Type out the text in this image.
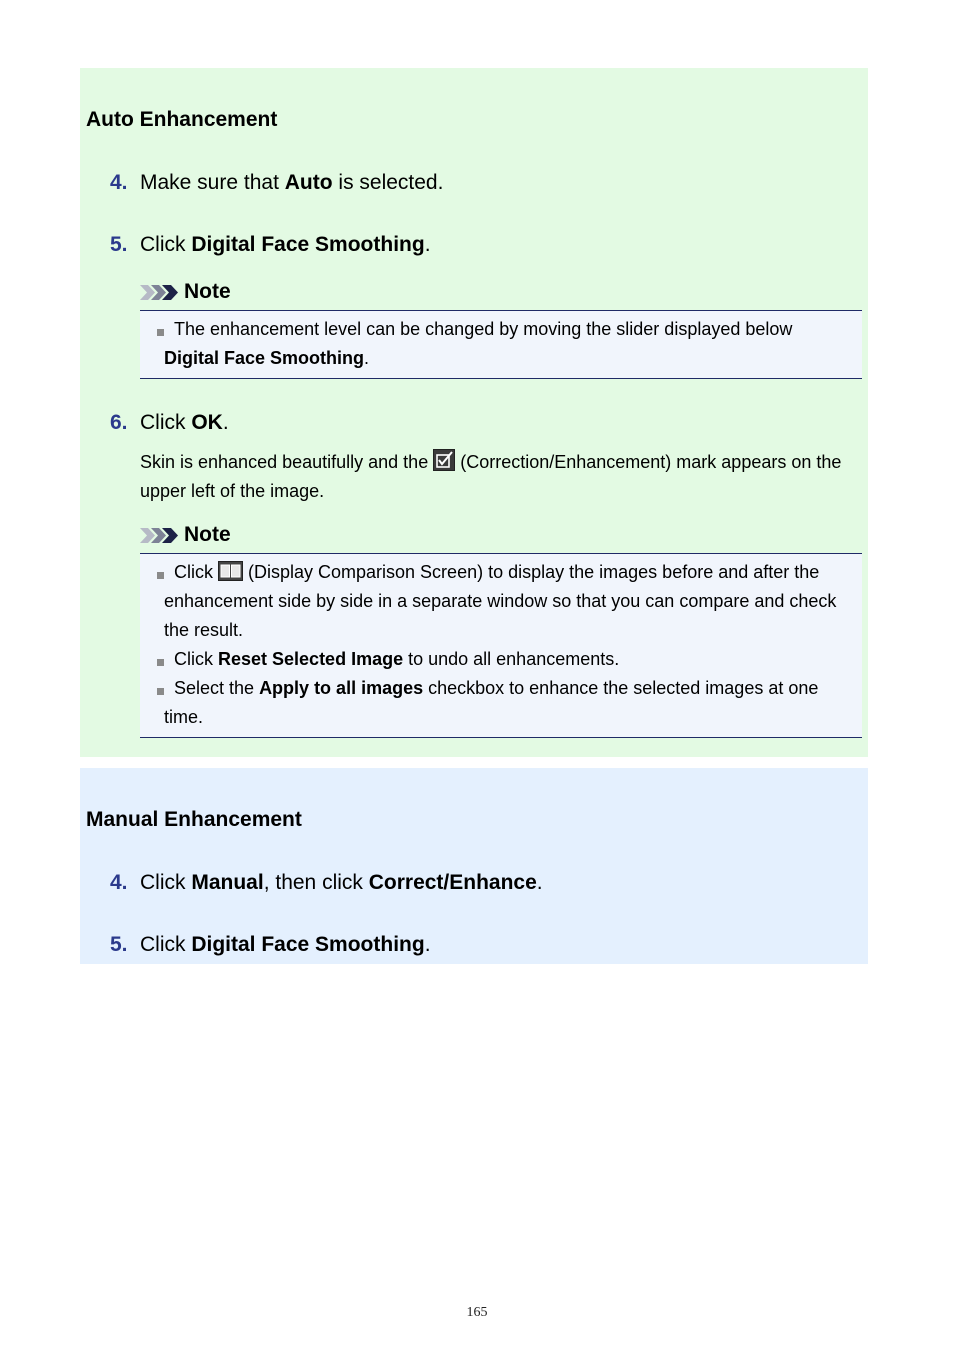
Auto Enhancement
4. Make sure that Auto is selected.
5. Click Digital Face Smoothing.
Note
The enhancement level can be changed by moving the slider displayed below Digital Face Smoothing.
6. Click OK.
Skin is enhanced beautifully and the  (Correction/Enhancement) mark appears on the upper left of the image.
Note
Click  (Display Comparison Screen) to display the images before and after the enhancement side by side in a separate window so that you can compare and check the result.
Click Reset Selected Image to undo all enhancements.
Select the Apply to all images checkbox to enhance the selected images at one time.
Manual Enhancement
4. Click Manual, then click Correct/Enhance.
5. Click Digital Face Smoothing.
165
